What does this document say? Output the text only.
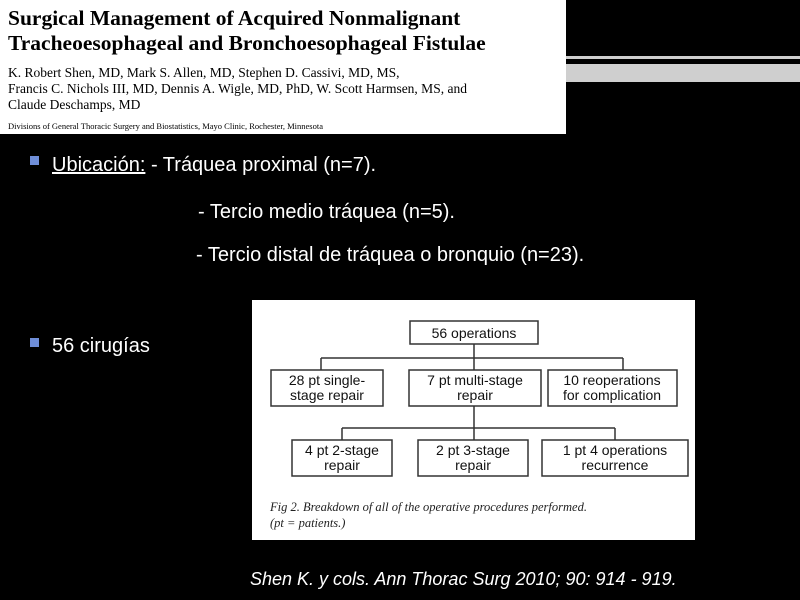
Surgical Management of Acquired Nonmalignant
Tracheoesophageal and Bronchoesophageal Fistulae
K. Robert Shen, MD, Mark S. Allen, MD, Stephen D. Cassivi, MD, MS,
Francis C. Nichols III, MD, Dennis A. Wigle, MD, PhD, W. Scott Harmsen, MS, and
Claude Deschamps, MD
Divisions of General Thoracic Surgery and Biostatistics, Mayo Clinic, Rochester, Minnesota
Ubicación: - Tráquea proximal (n=7).
- Tercio medio tráquea (n=5).
- Tercio distal de tráquea o bronquio (n=23).
56 cirugías
56 operations
28 pt single-
stage repair
7 pt multi-stage
repair
10 reoperations
for complication
4 pt 2-stage
repair
2 pt 3-stage
repair
1 pt 4 operations
recurrence
Fig 2. Breakdown of all of the operative procedures performed.
(pt = patients.)
Shen K. y cols. Ann Thorac Surg 2010; 90: 914 - 919.
